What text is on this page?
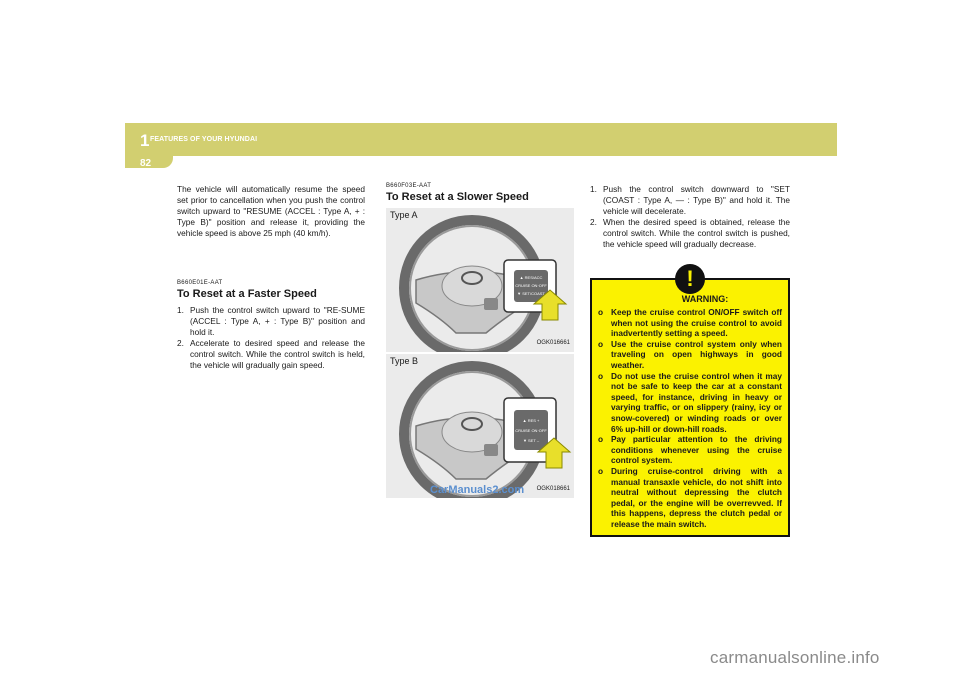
1 FEATURES OF YOUR HYUNDAI
82

The vehicle will automatically resume the speed set prior to cancellation when you push the control switch upward to "RESUME (ACCEL : Type A, + : Type B)" position and release it, providing the vehicle speed is above 25 mph (40 km/h).

B660E01E-AAT

To Reset at a Faster Speed

1. Push the control switch upward to "RE-SUME (ACCEL : Type A, + : Type B)" position and hold it.
2. Accelerate to desired speed and release the control switch. While the control switch is held, the vehicle will gradually gain speed.

B660F03E-AAT

To Reset at a Slower Speed

Type A
▲ RES/ACC
CRUISE ON·OFF
▼ SET/COAST
OGK016661
Type B
▲ RES +
CRUISE ON·OFF
▼ SET –
CarManuals2.com OGK018661
1. Push the control switch downward to "SET (COAST : Type A, — : Type B)" and hold it. The vehicle will decelerate.
2. When the desired speed is obtained, release the control switch. While the control switch is pushed, the vehicle speed will gradually decrease.
!
WARNING:
o Keep the cruise control ON/OFF switch off when not using the cruise control to avoid inadvertently setting a speed.
o Use the cruise control system only when traveling on open highways in good weather.
o Do not use the cruise control when it may not be safe to keep the car at a constant speed, for instance, driving in heavy or varying traffic, or on slippery (rainy, icy or snow-covered) or winding roads or over 6% up-hill or down-hill roads.
o Pay particular attention to the driving conditions whenever using the cruise control system.
o During cruise-control driving with a manual transaxle vehicle, do not shift into neutral without depressing the clutch pedal, or the engine will be overrevved. If this happens, depress the clutch pedal or release the main switch.
carmanualsonline.info
